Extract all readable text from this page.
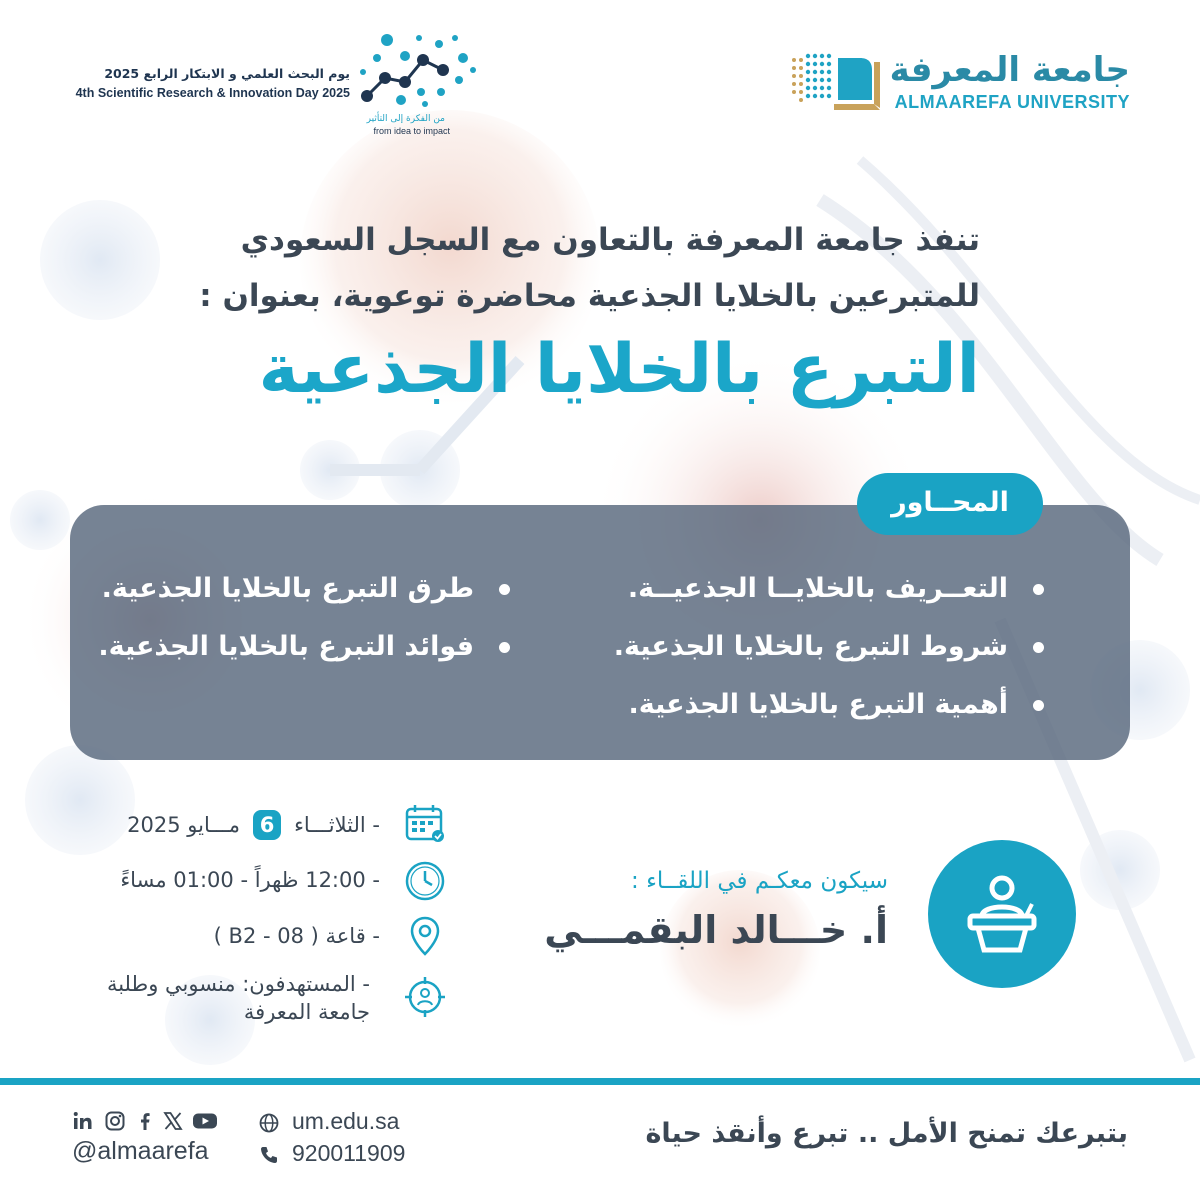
جامعة المعرفة
ALMAAREFA UNIVERSITY
يوم البحث العلمي و الابتكار الرابع 2025
4th Scientific Research & Innovation Day 2025
من الفكرة إلى التأثير
from idea to impact
تنفذ جامعة المعرفة بالتعاون مع السجل السعودي
للمتبرعين بالخلايا الجذعية محاضرة توعوية، بعنوان :
التبرع بالخلايا الجذعية
المحــاور
التعــريف بالخلايــا الجذعيــة.
شروط التبرع بالخلايا الجذعية.
أهمية التبرع بالخلايا الجذعية.
طرق التبرع بالخلايا الجذعية.
فوائد التبرع بالخلايا الجذعية.
- الثلاثـــاء 6 مـــايو 2025
- 12:00 ظهراً - 01:00 مساءً
- قاعة ( B2 - 08 )
- المستهدفون: منسوبي وطلبة
جامعة المعرفة
سيكون معكـم في اللقــاء :
أ. خـــالد البقمـــي
بتبرعك تمنح الأمل .. تبرع وأنقذ حياة
um.edu.sa
920011909
@almaarefa
